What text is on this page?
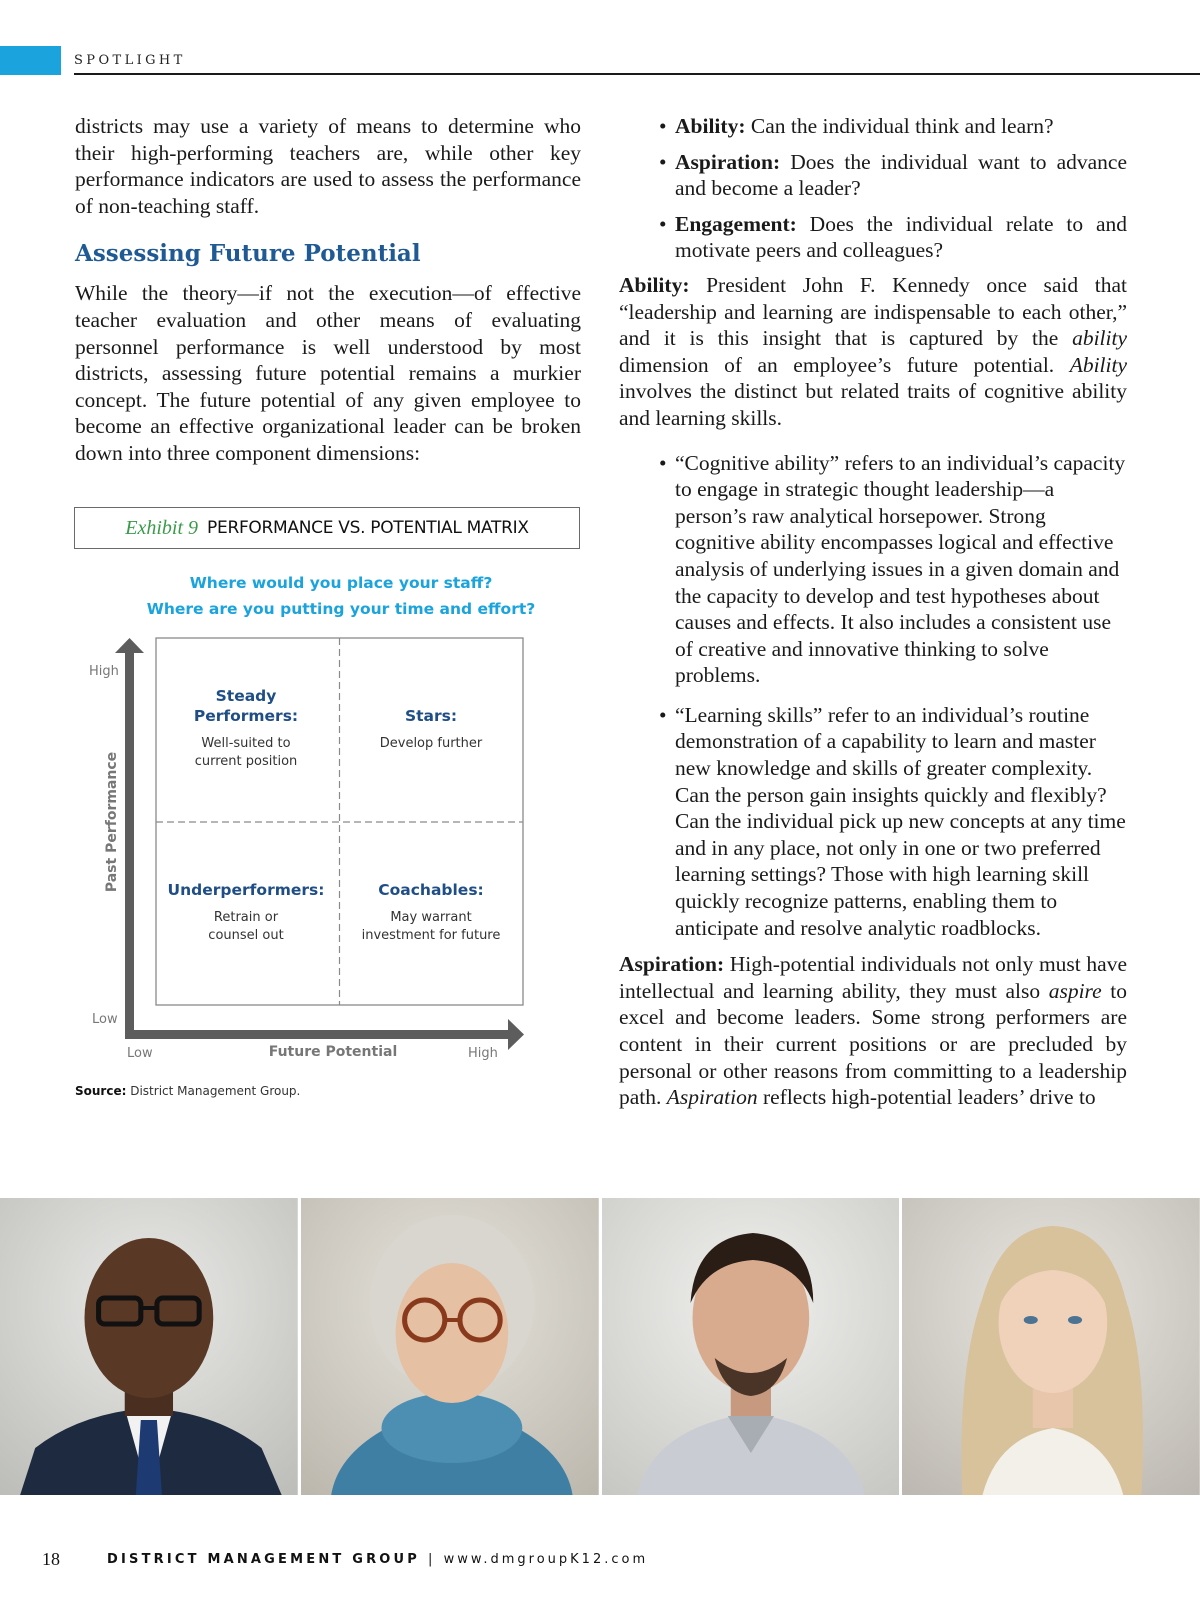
SPOTLIGHT

districts may use a variety of means to determine who their high-performing teachers are, while other key performance indicators are used to assess the performance of non-teaching staff.

Assessing Future Potential

While the theory—if not the execution—of effective teacher evaluation and other means of evaluating personnel performance is well understood by most districts, assessing future potential remains a murkier concept. The future potential of any given employee to become an effective organizational leader can be broken down into three component dimensions:

Exhibit 9 PERFORMANCE VS. POTENTIAL MATRIX
Where would you place your staff?
Where are you putting your time and effort?
High
Low
Past Performance
Low	Future Potential	High
Steady
Performers:
Well-suited to
current position
Stars:
Develop further
Underperformers:
Retrain or
counsel out
Coachables:
May warrant
investment for future
Source: District Management Group.
• Ability: Can the individual think and learn?
• Aspiration: Does the individual want to advance and become a leader?
• Engagement: Does the individual relate to and motivate peers and colleagues?

Ability: President John F. Kennedy once said that “leadership and learning are indispensable to each other,” and it is this insight that is captured by the ability dimension of an employee’s future potential. Ability involves the distinct but related traits of cognitive ability and learning skills.

• “Cognitive ability” refers to an individual’s capacity to engage in strategic thought leadership—a person’s raw analytical horsepower. Strong cognitive ability encompasses logical and effective analysis of underlying issues in a given domain and the capacity to develop and test hypotheses about causes and effects. It also includes a consistent use of creative and innovative thinking to solve problems.
• “Learning skills” refer to an individual’s routine demonstration of a capability to learn and master new knowledge and skills of greater complexity. Can the person gain insights quickly and flexibly? Can the individual pick up new concepts at any time and in any place, not only in one or two preferred learning settings? Those with high learning skill quickly recognize patterns, enabling them to anticipate and resolve analytic roadblocks.

Aspiration: High-potential individuals not only must have intellectual and learning ability, they must also aspire to excel and become leaders. Some strong performers are content in their current positions or are precluded by personal or other reasons from committing to a leadership path. Aspiration reflects high-potential leaders’ drive to

18	DISTRICT MANAGEMENT GROUP | www.dmgroupK12.com
